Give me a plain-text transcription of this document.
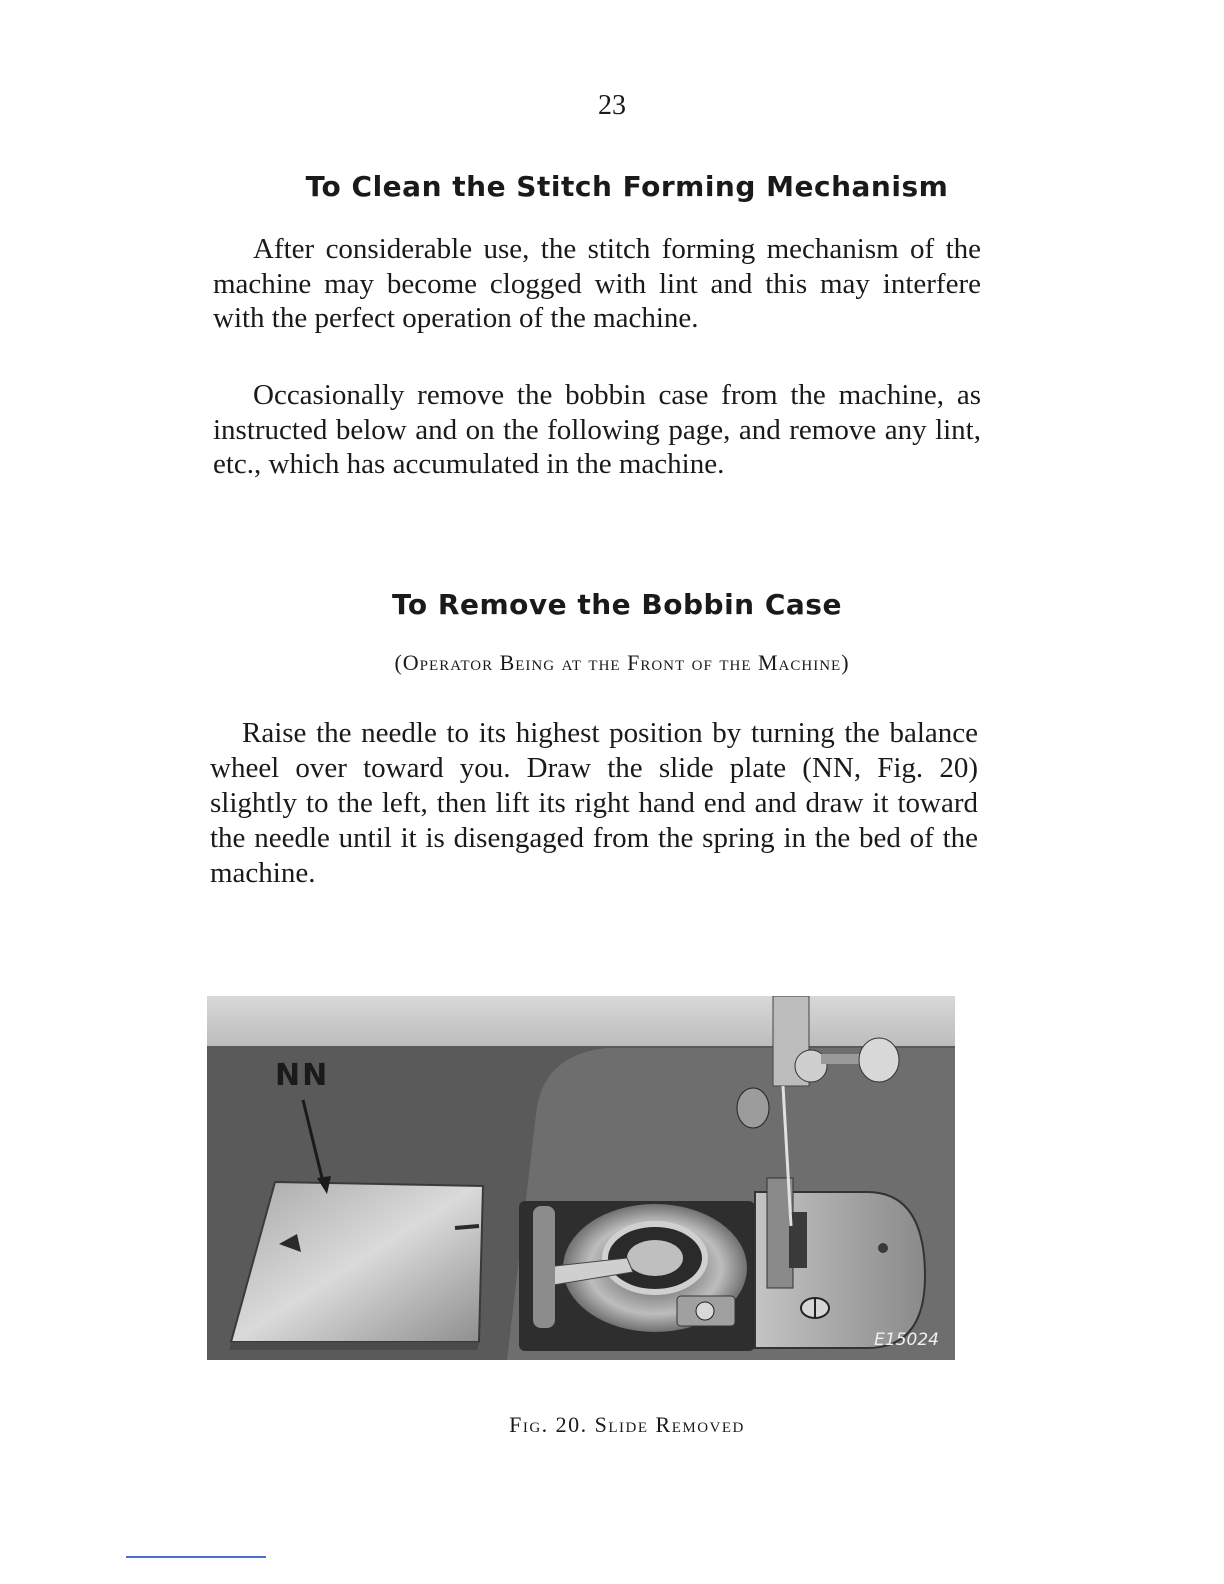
23
To Clean the Stitch Forming Mechanism

After considerable use, the stitch forming mechanism of the machine may become clogged with lint and this may interfere with the perfect operation of the machine.

Occasionally remove the bobbin case from the machine, as instructed below and on the following page, and remove any lint, etc., which has accumulated in the machine.

To Remove the Bobbin Case
(Operator Being at the Front of the Machine)

Raise the needle to its highest position by turning the balance wheel over toward you. Draw the slide plate (NN, Fig. 20) slightly to the left, then lift its right hand end and draw it toward the needle until it is disengaged from the spring in the bed of the machine.

NN
E15024
Fig. 20. Slide Removed
